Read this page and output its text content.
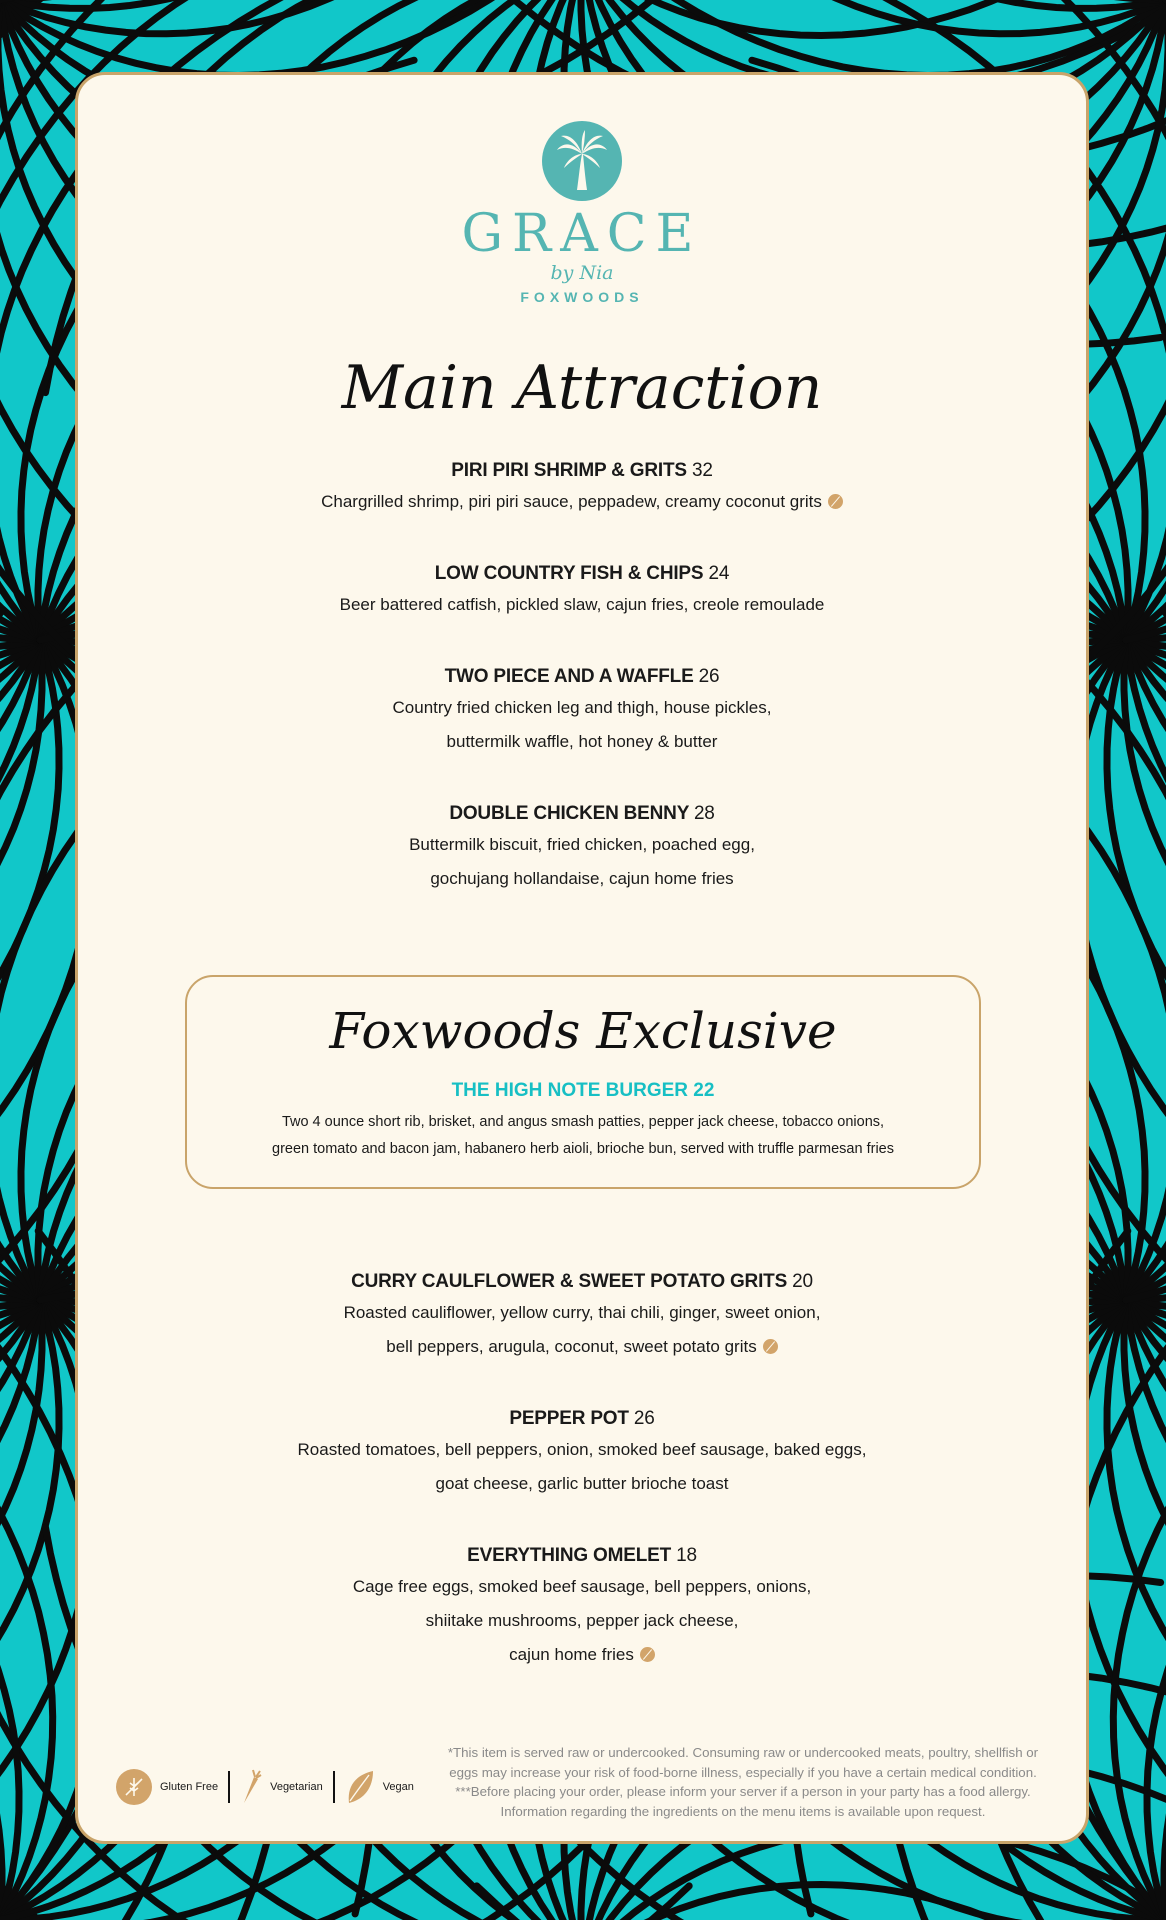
GRACE
by Nia
FOXWOODS
Main Attraction
PIRI PIRI SHRIMP & GRITS 32
Chargrilled shrimp, piri piri sauce, peppadew, creamy coconut grits
LOW COUNTRY FISH & CHIPS 24
Beer battered catfish, pickled slaw, cajun fries, creole remoulade
TWO PIECE AND A WAFFLE 26
Country fried chicken leg and thigh, house pickles,
buttermilk waffle, hot honey & butter
DOUBLE CHICKEN BENNY 28
Buttermilk biscuit, fried chicken, poached egg,
gochujang hollandaise, cajun home fries
Foxwoods Exclusive
THE HIGH NOTE BURGER 22
Two 4 ounce short rib, brisket, and angus smash patties, pepper jack cheese, tobacco onions,
green tomato and bacon jam, habanero herb aioli, brioche bun, served with truffle parmesan fries
CURRY CAULFLOWER & SWEET POTATO GRITS 20
Roasted cauliflower, yellow curry, thai chili, ginger, sweet onion,
bell peppers, arugula, coconut, sweet potato grits
PEPPER POT 26
Roasted tomatoes, bell peppers, onion, smoked beef sausage, baked eggs,
goat cheese, garlic butter brioche toast
EVERYTHING OMELET 18
Cage free eggs, smoked beef sausage, bell peppers, onions,
shiitake mushrooms, pepper jack cheese,
cajun home fries
Gluten Free	Vegetarian	Vegan
*This item is served raw or undercooked. Consuming raw or undercooked meats, poultry, shellfish or
eggs may increase your risk of food-borne illness, especially if you have a certain medical condition.
***Before placing your order, please inform your server if a person in your party has a food allergy.
Information regarding the ingredients on the menu items is available upon request.
